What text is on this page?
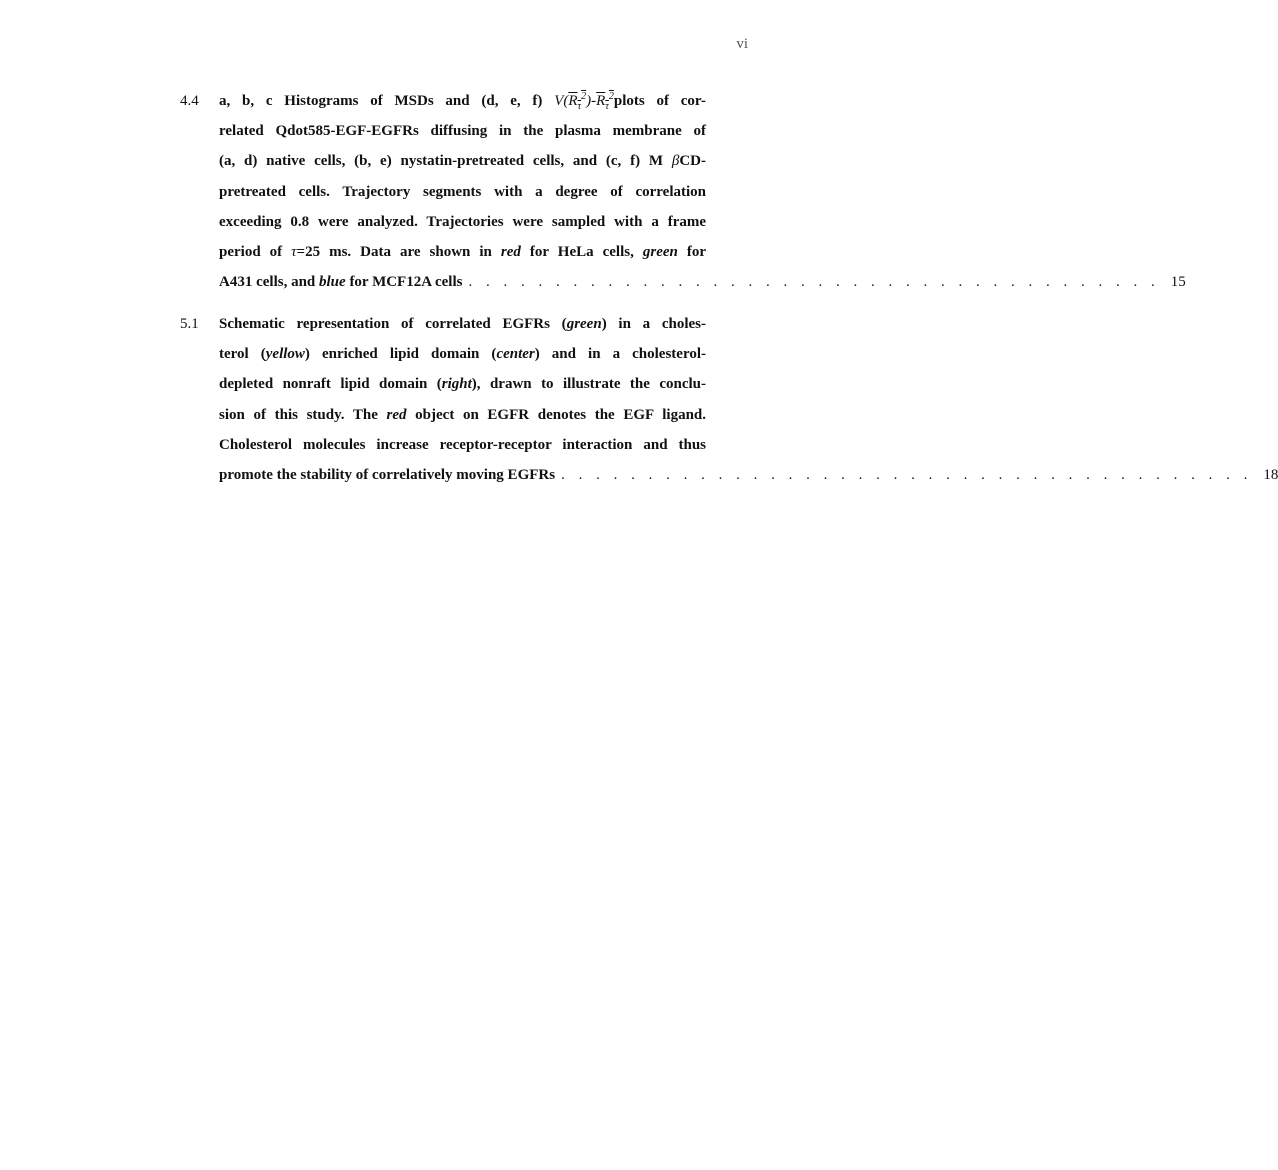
vi
4.4 a, b, c Histograms of MSDs and (d, e, f) $V(R_\tau^2)-R_\tau^2plots$ of cor-
related Qdot585-EGF-EGFRs diffusing in the plasma membrane of
(a, d) native cells, (b, e) nystatin-pretreated cells, and (c, f) M βCD-
pretreated cells. Trajectory segments with a degree of correlation
exceeding 0.8 were analyzed. Trajectories were sampled with a frame
period of τ=25 ms. Data are shown in red for HeLa cells, green for
A431 cells, and blue for MCF12A cells . . . . . . . . . . . . . . . . . . . . . . . . . . . . . . . . . . . . . . . . 15
5.1 Schematic representation of correlated EGFRs (green) in a choles-
terol (yellow) enriched lipid domain (center) and in a cholesterol-
depleted nonraft lipid domain (right), drawn to illustrate the conclu-
sion of this study. The red object on EGFR denotes the EGF ligand.
Cholesterol molecules increase receptor-receptor interaction and thus
promote the stability of correlatively moving EGFRs . . . . . . . . . . . . . . . . . . . . . . . . . . . . . . . . . . . . . . . . 18
